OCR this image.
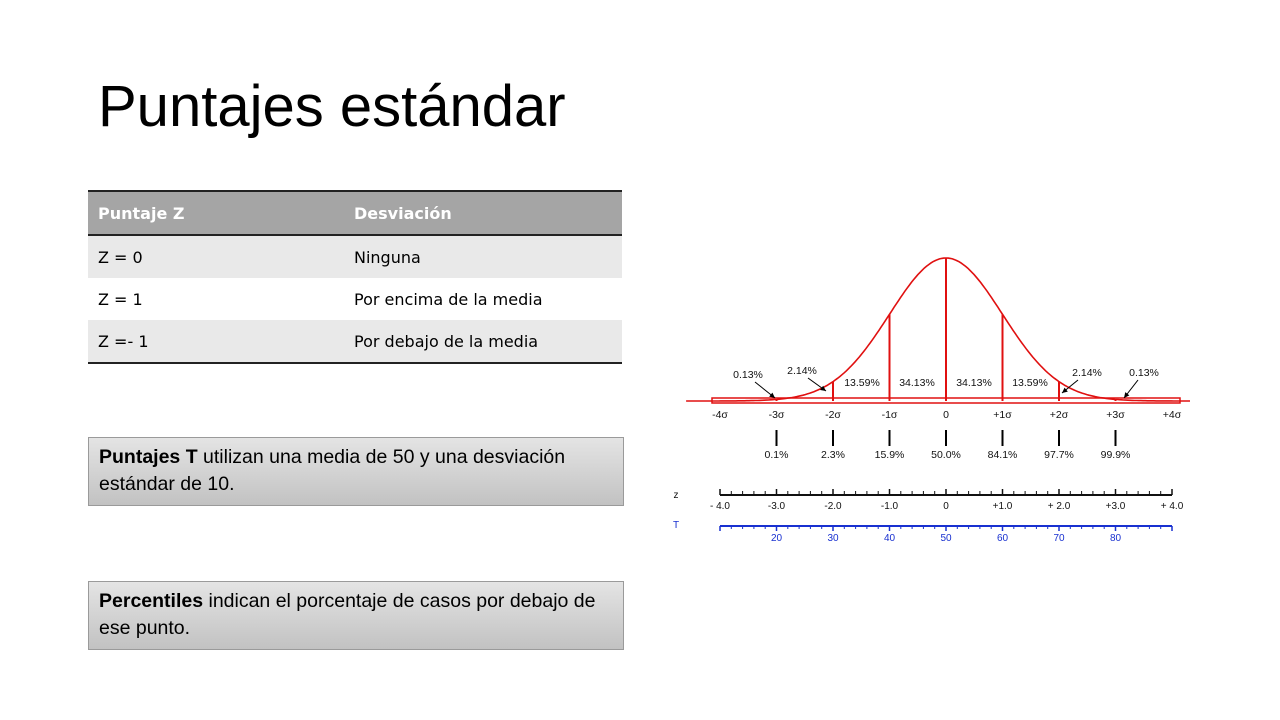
Puntajes estándar
Puntaje Z	Desviación
Z = 0	Ninguna
Z = 1	Por encima de la media
Z =- 1	Por debajo de la media
Puntajes T utilizan una media de 50 y una desviación estándar de 10.
Percentiles indican el porcentaje de casos por debajo de ese punto.
0.13% 2.14%
13.59% 34.13% 34.13% 13.59%
2.14%	0.13%
-4σ	-3σ	-2σ	-1σ	0	+1σ	+2σ	+3σ	+4σ
0.1%	2.3%	15.9%	50.0%	84.1%	97.7%	99.9%
z
- 4.0	-3.0	-2.0	-1.0	0	+1.0	+ 2.0	+3.0	+ 4.0
T
20	30	40	50	60	70	80
